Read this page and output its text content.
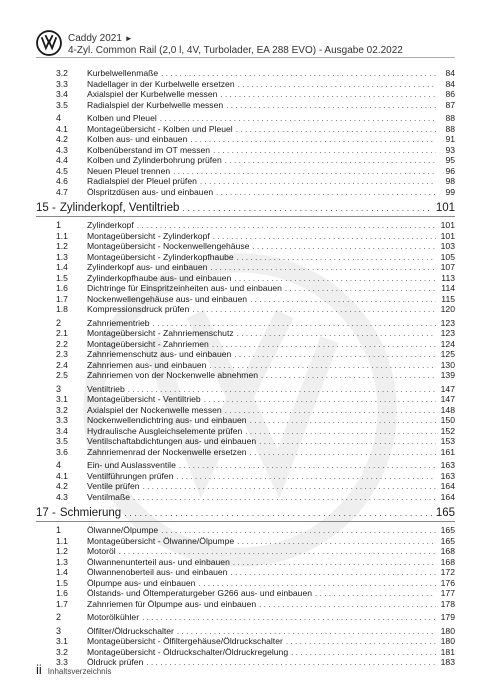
Caddy 2021 ►
4-Zyl. Common Rail (2,0 l, 4V, Turbolader, EA 288 EVO) - Ausgabe 02.2022
3.2	Kurbelwellenmaße .....	84
3.3	Nadellager in der Kurbelwelle ersetzen .....	84
3.4	Axialspiel der Kurbelwelle messen .....	86
3.5	Radialspiel der Kurbelwelle messen .....	87
4	Kolben und Pleuel .....	88
4.1	Montageübersicht - Kolben und Pleuel .....	88
4.2	Kolben aus- und einbauen .....	91
4.3	Kolbenüberstand im OT messen .....	93
4.4	Kolben und Zylinderbohrung prüfen .....	95
4.5	Neuen Pleuel trennen .....	96
4.6	Radialspiel der Pleuel prüfen .....	98
4.7	Ölspritzdüsen aus- und einbauen .....	99
15 - Zylinderkopf, Ventiltrieb .....	101
1	Zylinderkopf .....	101
1.1	Montageübersicht - Zylinderkopf .....	101
1.2	Montageübersicht - Nockenwellengehäuse .....	103
1.3	Montageübersicht - Zylinderkopfhaube .....	105
1.4	Zylinderkopf aus- und einbauen .....	107
1.5	Zylinderkopfhaube aus- und einbauen .....	113
1.6	Dichtringe für Einspritzeinheiten aus- und einbauen .....	114
1.7	Nockenwellengehäuse aus- und einbauen .....	115
1.8	Kompressionsdruck prüfen .....	120
2	Zahnriementrieb .....	123
2.1	Montageübersicht - Zahnriemenschutz .....	123
2.2	Montageübersicht - Zahnriemen .....	124
2.3	Zahnriemenschutz aus- und einbauen .....	125
2.4	Zahnriemen aus- und einbauen .....	130
2.5	Zahnriemen von der Nockenwelle abnehmen .....	139
3	Ventiltrieb .....	147
3.1	Montageübersicht - Ventiltrieb .....	147
3.2	Axialspiel der Nockenwelle messen .....	148
3.3	Nockenwellendichtring aus- und einbauen .....	150
3.4	Hydraulische Ausgleichselemente prüfen .....	152
3.5	Ventilschaftabdichtungen aus- und einbauen .....	153
3.6	Zahnriemenrad der Nockenwelle ersetzen .....	161
4	Ein- und Auslassventile .....	163
4.1	Ventilführungen prüfen .....	163
4.2	Ventile prüfen .....	164
4.3	Ventilmaße .....	164
17 - Schmierung .....	165
1	Ölwanne/Ölpumpe .....	165
1.1	Montageübersicht - Ölwanne/Ölpumpe .....	165
1.2	Motoröl .....	168
1.3	Ölwannenunterteil aus- und einbauen .....	168
1.4	Ölwannenoberteil aus- und einbauen .....	172
1.5	Ölpumpe aus- und einbauen .....	176
1.6	Ölstands- und Öltemperaturgeber G266 aus- und einbauen .....	177
1.7	Zahnriemen für Ölpumpe aus- und einbauen .....	178
2	Motorölkühler .....	179
3	Ölfilter/Öldruckschalter .....	180
3.1	Montageübersicht - Ölfiltergehäuse/Öldruckschalter .....	180
3.2	Montageübersicht - Öldruckschalter/Öldruckregelung .....	181
3.3	Öldruck prüfen .....	183
ii Inhaltsverzeichnis
